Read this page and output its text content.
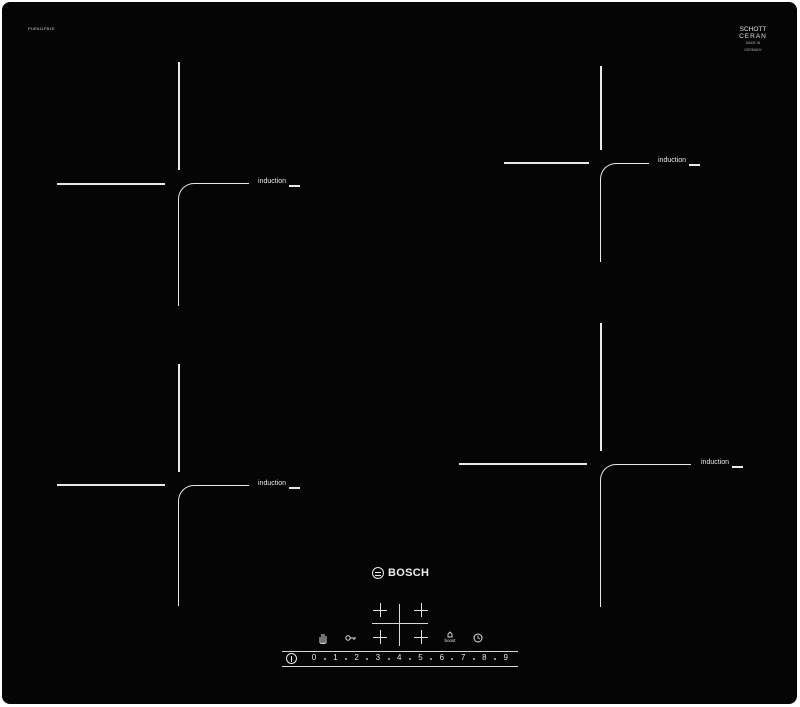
PUE611FB1E	SCHOTT
CERAN
MADE IN GERMANY
induction
induction
induction
induction
BOSCH
boost
0	1	2	3	4	5	6	7	8	9
